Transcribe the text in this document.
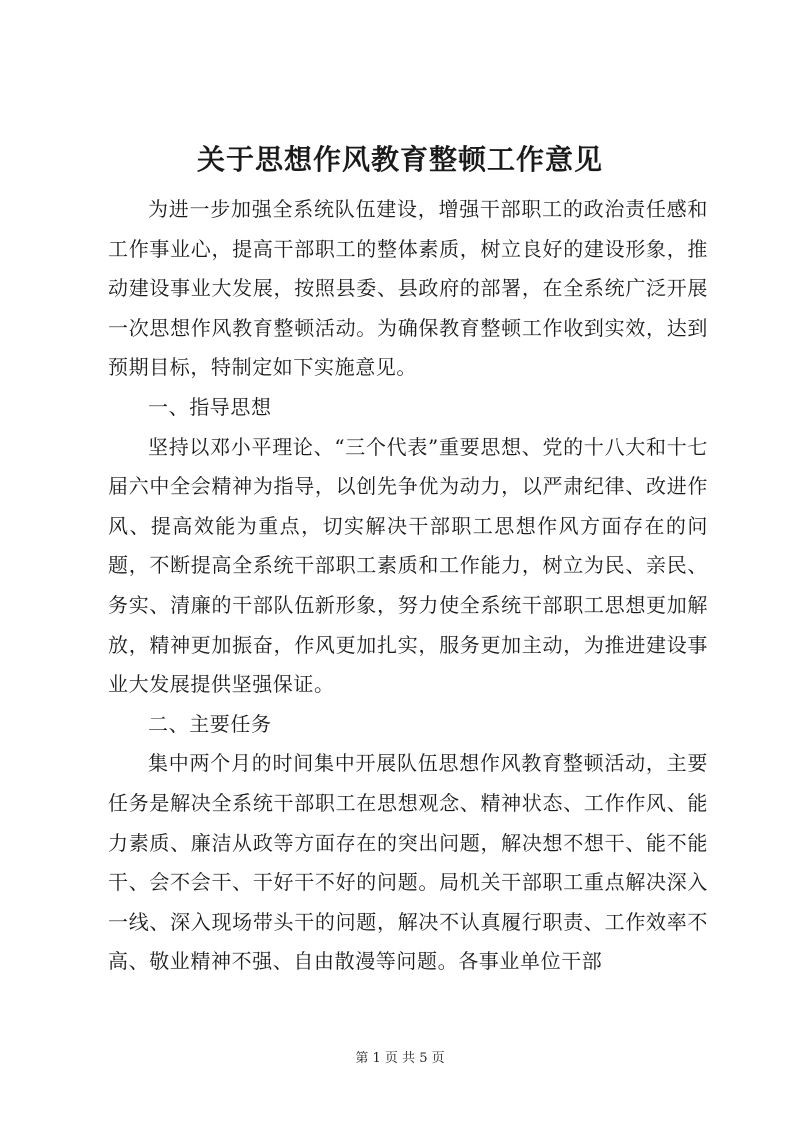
关于思想作风教育整顿工作意见

为进一步加强全系统队伍建设，增强干部职工的政治责任感和工作事业心，提高干部职工的整体素质，树立良好的建设形象，推动建设事业大发展，按照县委、县政府的部署，在全系统广泛开展一次思想作风教育整顿活动。为确保教育整顿工作收到实效，达到预期目标，特制定如下实施意见。

一、指导思想

坚持以邓小平理论、“三个代表”重要思想、党的十八大和十七届六中全会精神为指导，以创先争优为动力，以严肃纪律、改进作风、提高效能为重点，切实解决干部职工思想作风方面存在的问题，不断提高全系统干部职工素质和工作能力，树立为民、亲民、务实、清廉的干部队伍新形象，努力使全系统干部职工思想更加解放，精神更加振奋，作风更加扎实，服务更加主动，为推进建设事业大发展提供坚强保证。

二、主要任务

集中两个月的时间集中开展队伍思想作风教育整顿活动，主要任务是解决全系统干部职工在思想观念、精神状态、工作作风、能力素质、廉洁从政等方面存在的突出问题，解决想不想干、能不能干、会不会干、干好干不好的问题。局机关干部职工重点解决深入一线、深入现场带头干的问题，解决不认真履行职责、工作效率不高、敬业精神不强、自由散漫等问题。各事业单位干部

第 1 页 共 5 页
